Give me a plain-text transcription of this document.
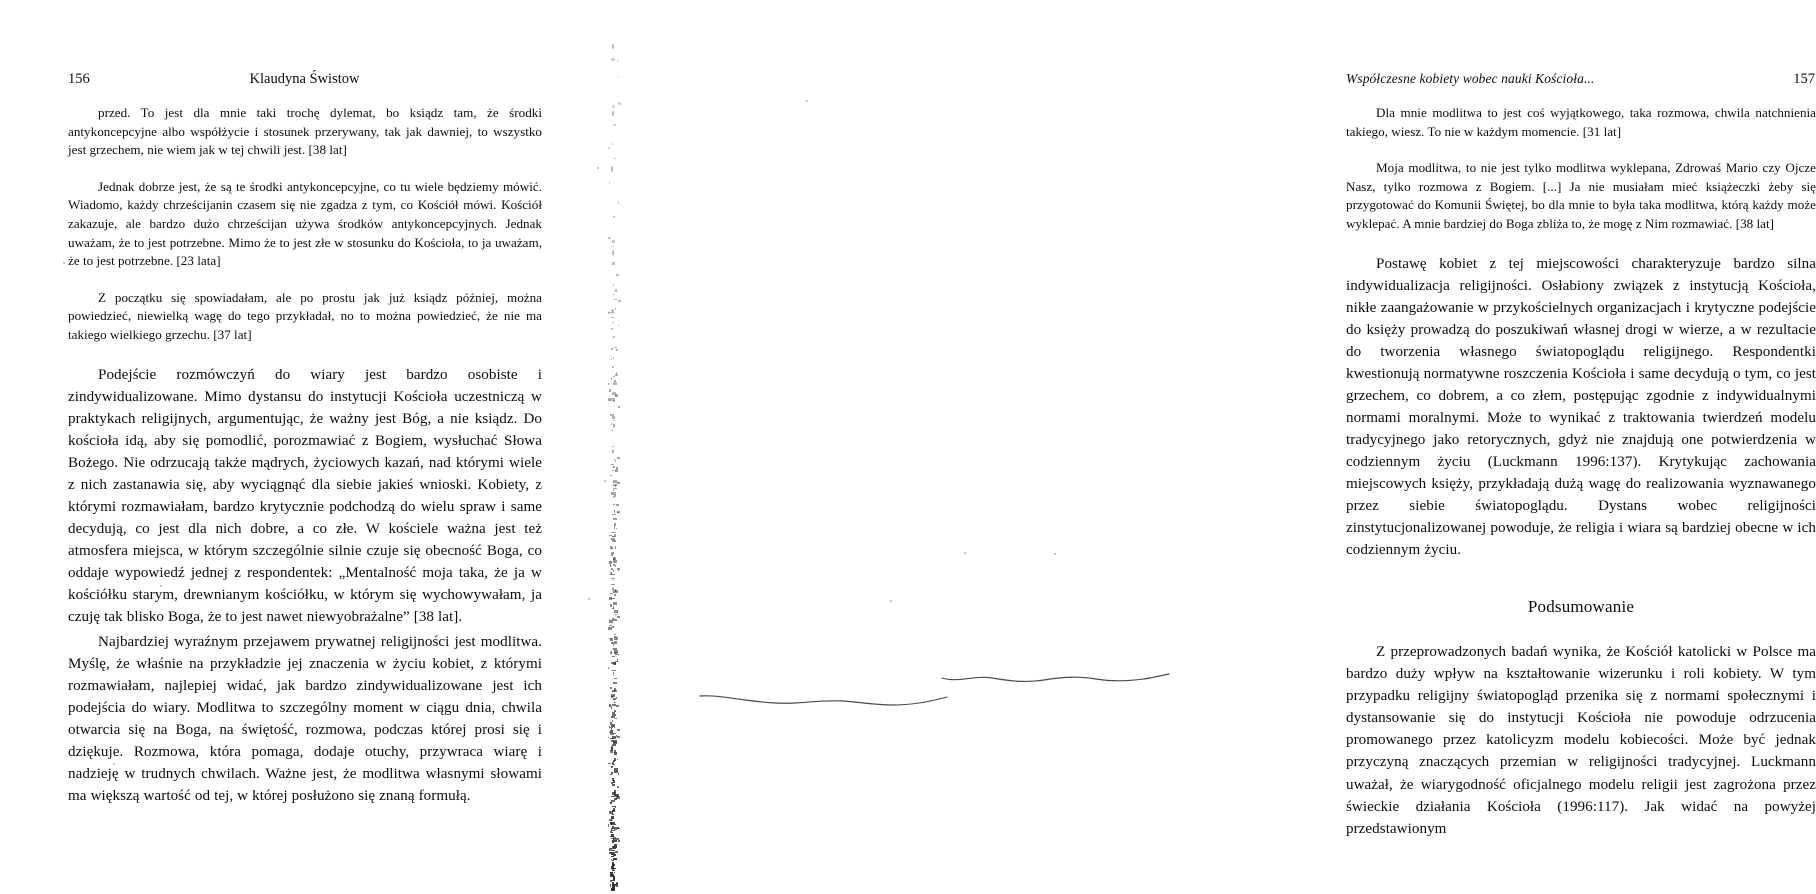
156	Klaudyna Świstow

przed. To jest dla mnie taki trochę dylemat, bo ksiądz tam, że środki antykoncepcyjne albo współżycie i stosunek przerywany, tak jak dawniej, to wszystko jest grzechem, nie wiem jak w tej chwili jest. [38 lat]

Jednak dobrze jest, że są te środki antykoncepcyjne, co tu wiele będziemy mówić. Wiadomo, każdy chrześcijanin czasem się nie zgadza z tym, co Kościół mówi. Kościół zakazuje, ale bardzo dużo chrześcijan używa środków antykoncepcyjnych. Jednak uważam, że to jest potrzebne. Mimo że to jest złe w stosunku do Kościoła, to ja uważam, że to jest potrzebne. [23 lata]

Z początku się spowiadałam, ale po prostu jak już ksiądz później, można powiedzieć, niewielką wagę do tego przykładał, no to można powiedzieć, że nie ma takiego wielkiego grzechu. [37 lat]

Podejście rozmówczyń do wiary jest bardzo osobiste i zindywidualizowane. Mimo dystansu do instytucji Kościoła uczestniczą w praktykach religijnych, argumentując, że ważny jest Bóg, a nie ksiądz. Do kościoła idą, aby się pomodlić, porozmawiać z Bogiem, wysłuchać Słowa Bożego. Nie odrzucają także mądrych, życiowych kazań, nad którymi wiele z nich zastanawia się, aby wyciągnąć dla siebie jakieś wnioski. Kobiety, z którymi rozmawiałam, bardzo krytycznie podchodzą do wielu spraw i same decydują, co jest dla nich dobre, a co złe. W kościele ważna jest też atmosfera miejsca, w którym szczególnie silnie czuje się obecność Boga, co oddaje wypowiedź jednej z respondentek: „Mentalność moja taka, że ja w kościółku starym, drewnianym kościółku, w którym się wychowywałam, ja czuję tak blisko Boga, że to jest nawet niewyobrażalne” [38 lat].

Najbardziej wyraźnym przejawem prywatnej religijności jest modlitwa. Myślę, że właśnie na przykładzie jej znaczenia w życiu kobiet, z którymi rozmawiałam, najlepiej widać, jak bardzo zindywidualizowane jest ich podejścia do wiary. Modlitwa to szczególny moment w ciągu dnia, chwila otwarcia się na Boga, na świętość, rozmowa, podczas której prosi się i dziękuje. Rozmowa, która pomaga, dodaje otuchy, przywraca wiarę i nadzieję w trudnych chwilach. Ważne jest, że modlitwa własnymi słowami ma większą wartość od tej, w której posłużono się znaną formułą.

Współczesne kobiety wobec nauki Kościoła...	157

Dla mnie modlitwa to jest coś wyjątkowego, taka rozmowa, chwila natchnienia takiego, wiesz. To nie w każdym momencie. [31 lat]

Moja modlitwa, to nie jest tylko modlitwa wyklepana, Zdrowaś Mario czy Ojcze Nasz, tylko rozmowa z Bogiem. [...] Ja nie musiałam mieć książeczki żeby się przygotować do Komunii Świętej, bo dla mnie to była taka modlitwa, którą każdy może wyklepać. A mnie bardziej do Boga zbliża to, że mogę z Nim rozmawiać. [38 lat]

Postawę kobiet z tej miejscowości charakteryzuje bardzo silna indywidualizacja religijności. Osłabiony związek z instytucją Kościoła, nikłe zaangażowanie w przykościelnych organizacjach i krytyczne podejście do księży prowadzą do poszukiwań własnej drogi w wierze, a w rezultacie do tworzenia własnego światopoglądu religijnego. Respondentki kwestionują normatywne roszczenia Kościoła i same decydują o tym, co jest grzechem, co dobrem, a co złem, postępując zgodnie z indywidualnymi normami moralnymi. Może to wynikać z traktowania twierdzeń modelu tradycyjnego jako retorycznych, gdyż nie znajdują one potwierdzenia w codziennym życiu (Luckmann 1996:137). Krytykując zachowania miejscowych księży, przykładają dużą wagę do realizowania wyznawanego przez siebie światopoglądu. Dystans wobec religijności zinstytucjonalizowanej powoduje, że religia i wiara są bardziej obecne w ich codziennym życiu.

Podsumowanie

Z przeprowadzonych badań wynika, że Kościół katolicki w Polsce ma bardzo duży wpływ na kształtowanie wizerunku i roli kobiety. W tym przypadku religijny światopogląd przenika się z normami społecznymi i dystansowanie się do instytucji Kościoła nie powoduje odrzucenia promowanego przez katolicyzm modelu kobiecości. Może być jednak przyczyną znaczących przemian w religijności tradycyjnej. Luckmann uważał, że wiarygodność oficjalnego modelu religii jest zagrożona przez świeckie działania Kościoła (1996:117). Jak widać na powyżej przedstawionym
